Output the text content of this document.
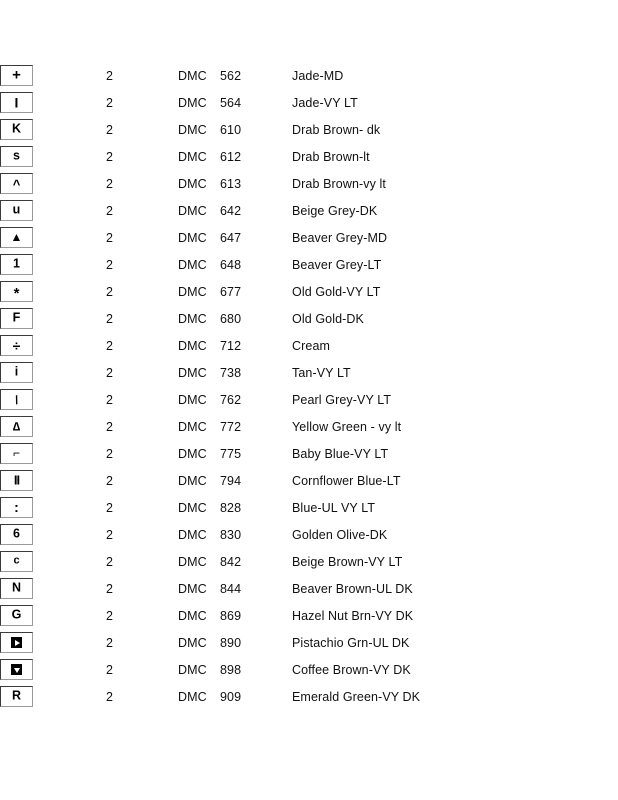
+	2	DMC	562	Jade-MD

I	2	DMC	564	Jade-VY LT

K	2	DMC	610	Drab Brown- dk

s	2	DMC	612	Drab Brown-lt

^	2	DMC	613	Drab Brown-vy lt

u	2	DMC	642	Beige Grey-DK

▲	2	DMC	647	Beaver Grey-MD

1	2	DMC	648	Beaver Grey-LT

*	2	DMC	677	Old Gold-VY LT

F	2	DMC	680	Old Gold-DK

÷	2	DMC	712	Cream

i	2	DMC	738	Tan-VY LT

/	2	DMC	762	Pearl Grey-VY LT

∆	2	DMC	772	Yellow Green - vy lt

⌐	2	DMC	775	Baby Blue-VY LT

II	2	DMC	794	Cornflower Blue-LT

:	2	DMC	828	Blue-UL VY LT

6	2	DMC	830	Golden Olive-DK

c	2	DMC	842	Beige Brown-VY LT

N	2	DMC	844	Beaver Brown-UL DK

G	2	DMC	869	Hazel Nut Brn-VY DK

	2	DMC	890	Pistachio Grn-UL DK

	2	DMC	898	Coffee Brown-VY DK

R	2	DMC	909	Emerald Green-VY DK
